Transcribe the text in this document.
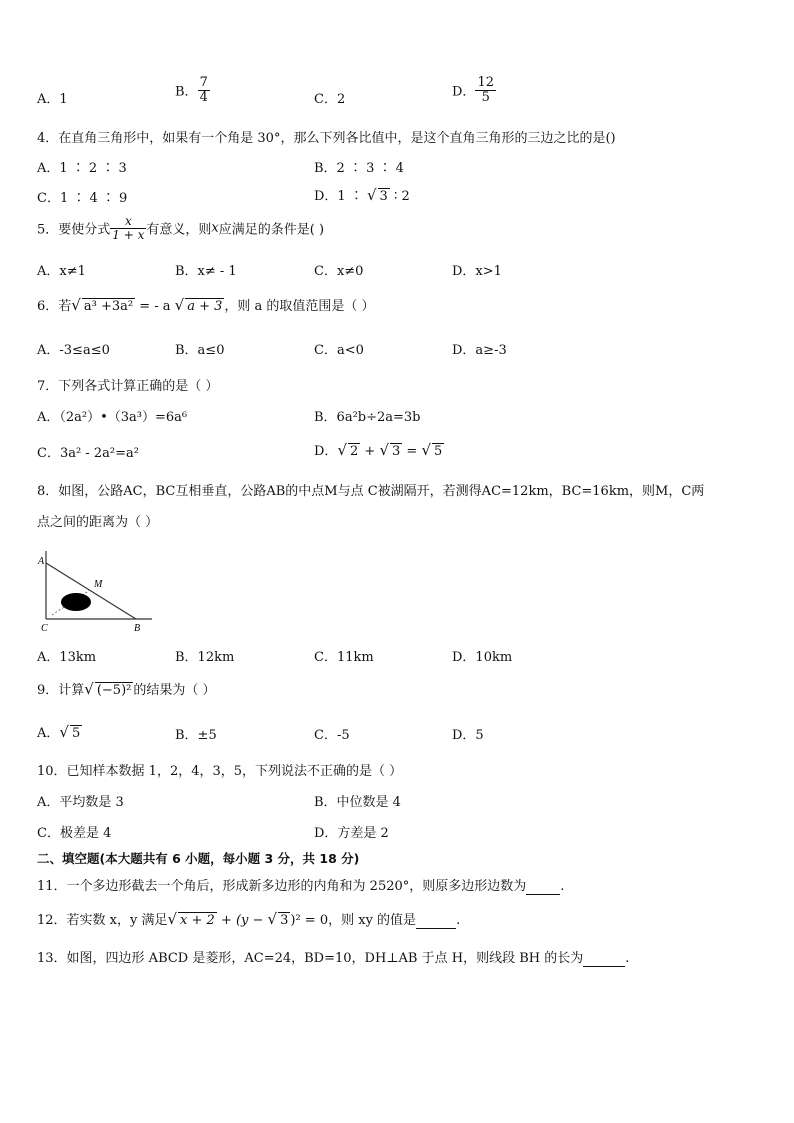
A．1	B． $\frac{7}{4}$	C．2	D． $\frac{12}{5}$
4．在直角三角形中，如果有一个角是 30°，那么下列各比值中，是这个直角三角形的三边之比的是()
A．1 ∶ 2 ∶ 3	B．2 ∶ 3 ∶ 4
C．1 ∶ 4 ∶ 9	D．1 ∶ √ 3 ∶ 2
5．要使分式 $\frac{x}{1 + x}$ 有意义，则x应满足的条件是( )
A．x≠1	B．x≠ - 1	C．x≠0	D．x>1
6．若√ a³ +3a² = - a √ a + 3 ，则 a 的取值范围是（ ）
A．-3≤a≤0	B．a≤0	C．a<0	D．a≥-3
7．下列各式计算正确的是（ ）
A．（2a²）•（3a³）=6a⁶	B．6a²b÷2a=3b
C．3a² - 2a²=a²	D．√ 2 + √ 3 = √ 5
8．如图，公路AC，BC互相垂直，公路AB的中点M与点 C被湖隔开，若测得AC=12km，BC=16km，则M，C两
点之间的距离为（ ）
A
M
C	B
A．13km	B．12km	C．11km	D．10km
9．计算√ (−5)² 的结果为（ ）
A．√ 5	B．±5	C．-5	D．5
10．已知样本数据 1，2，4，3，5，下列说法不正确的是（ ）
A．平均数是 3	B．中位数是 4
C．极差是 4	D．方差是 2
二、填空题(本大题共有 6 小题，每小题 3 分，共 18 分)
11．一个多边形截去一个角后，形成新多边形的内角和为 2520°，则原多边形边数为	.
12．若实数 x，y 满足√ x + 2 + (y − √ 3 )² = 0，则 xy 的值是	.
13．如图，四边形 ABCD 是菱形，AC=24，BD=10，DH⊥AB 于点 H，则线段 BH 的长为	.
